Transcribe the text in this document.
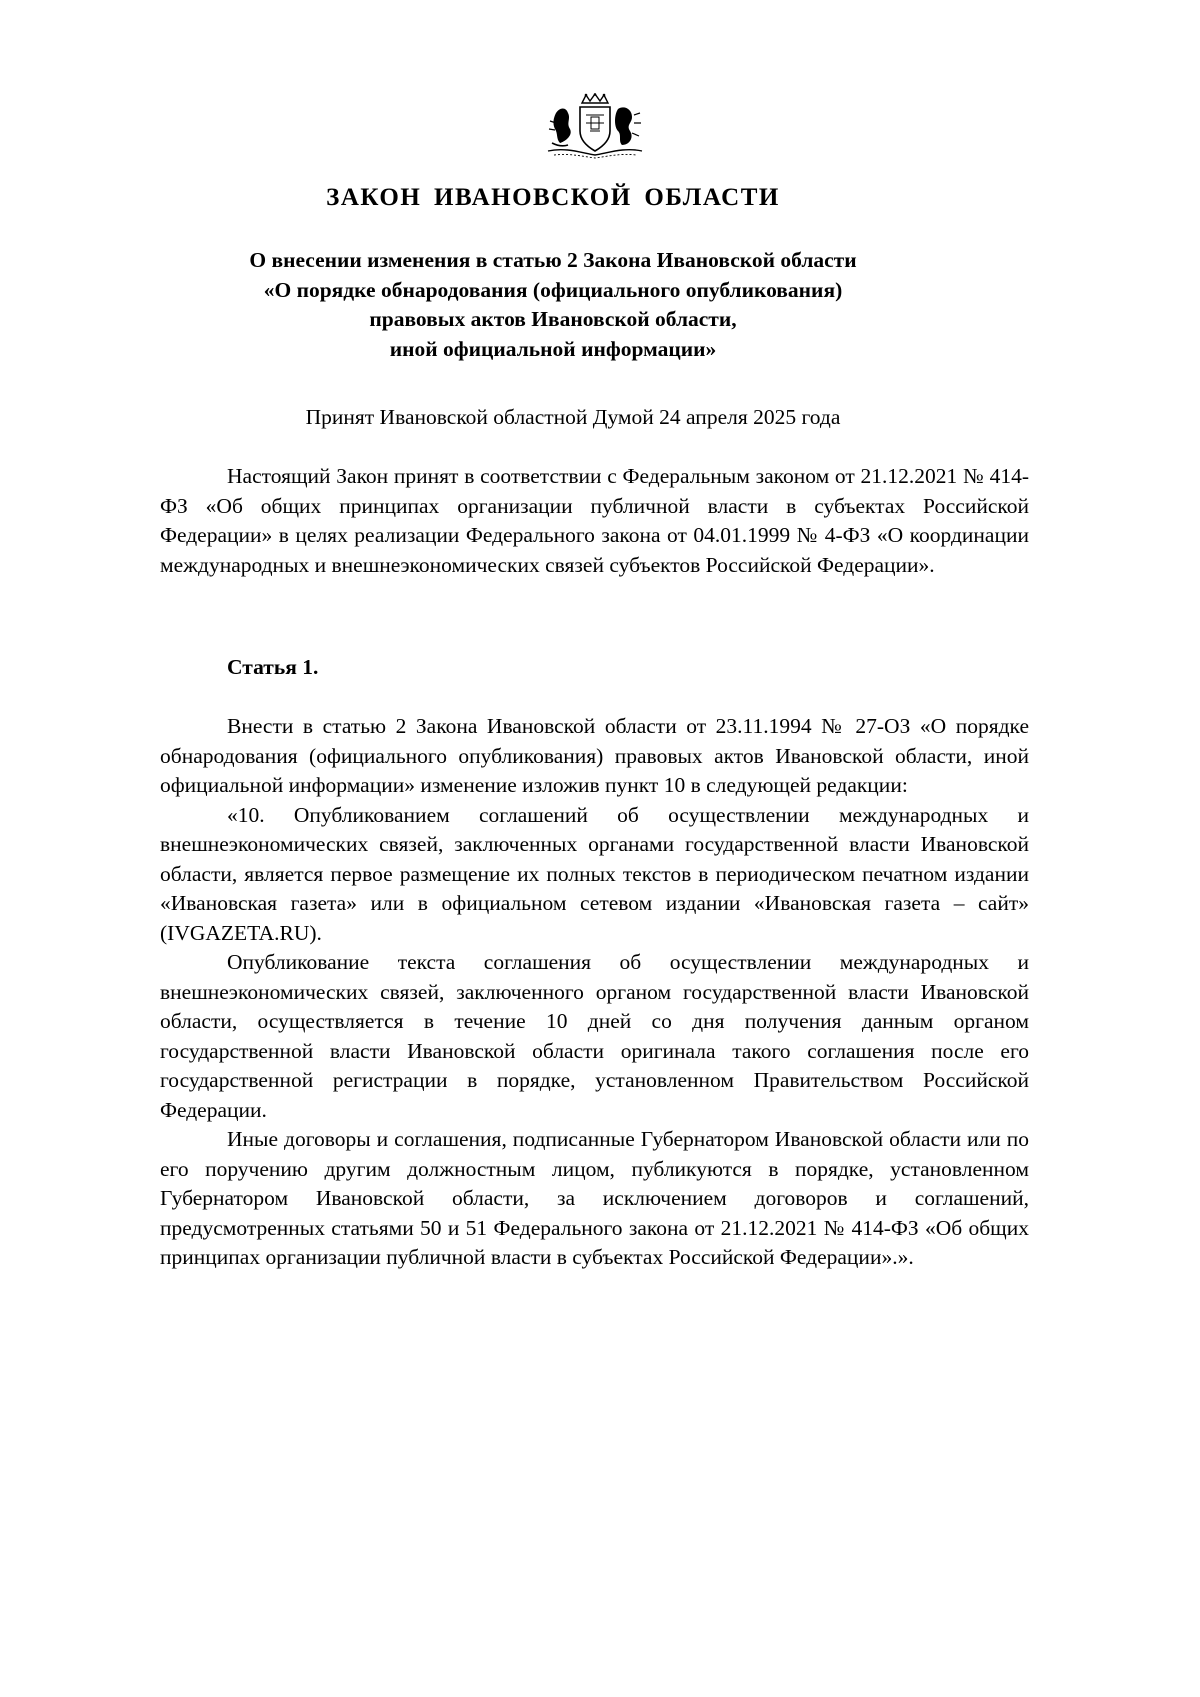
ЗАКОН ИВАНОВСКОЙ ОБЛАСТИ
О внесении изменения в статью 2 Закона Ивановской области
«О порядке обнародования (официального опубликования)
правовых актов Ивановской области,
иной официальной информации»

Принят Ивановской областной Думой 24 апреля 2025 года

Настоящий Закон принят в соответствии с Федеральным законом от 21.12.2021 № 414-ФЗ «Об общих принципах организации публичной власти в субъектах Российской Федерации» в целях реализации Федерального закона от 04.01.1999 № 4-ФЗ «О координации международных и внешнеэкономических связей субъектов Российской Федерации».

Статья 1.

Внести в статью 2 Закона Ивановской области от 23.11.1994 № 27-ОЗ «О порядке обнародования (официального опубликования) правовых актов Ивановской области, иной официальной информации» изменение изложив пункт 10 в следующей редакции:

«10. Опубликованием соглашений об осуществлении международных и внешнеэкономических связей, заключенных органами государственной власти Ивановской области, является первое размещение их полных текстов в периодическом печатном издании «Ивановская газета» или в официальном сетевом издании «Ивановская газета – сайт» (IVGAZETA.RU).

Опубликование текста соглашения об осуществлении международных и внешнеэкономических связей, заключенного органом государственной власти Ивановской области, осуществляется в течение 10 дней со дня получения данным органом государственной власти Ивановской области оригинала такого соглашения после его государственной регистрации в порядке, установленном Правительством Российской Федерации.

Иные договоры и соглашения, подписанные Губернатором Ивановской области или по его поручению другим должностным лицом, публикуются в порядке, установленном Губернатором Ивановской области, за исключением договоров и соглашений, предусмотренных статьями 50 и 51 Федерального закона от 21.12.2021 № 414-ФЗ «Об общих принципах организации публичной власти в субъектах Российской Федерации».».
